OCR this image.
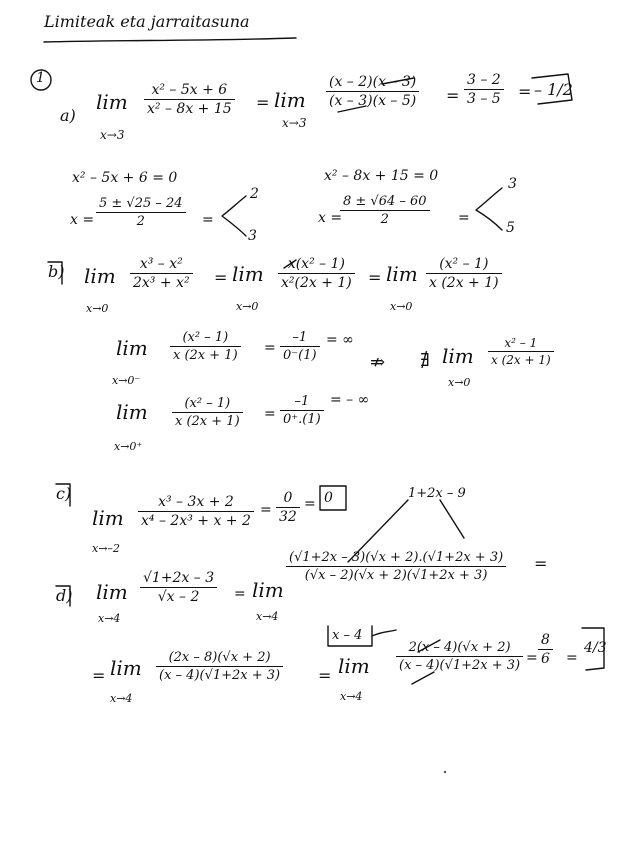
Limiteak eta jarraitasuna
1
a)
lim
x→3
$\frac{\text{x² – 5x + 6}}{\text{x² – 8x + 15}} = \lim$
x→3
$\frac{(x - 2)(x - 3)}{(x - 3)(x - 5)} = \frac{3 - 2}{3 - 5}$ = – 1/2
x² – 5x + 6 = 0
$x = \frac{5 \pm √25 - 24}{2}$ =
2
3
x² – 8x + 15 = 0
x =
$\frac{8 \pm √64 - 60}{2}$ =
3
5
b) lim
x→0
$\frac{\text{x³ – x²}}{\text{2x³ + x²}} = \lim$
x→0
$\frac{\text{x(x² – 1)}}{\text{x²(2x + 1)}} = \lim$
x→0
$\frac{\text{(x² – 1)}}{x (2x + 1)}$
lim
x→0⁻
$\frac{\text{(x² – 1)}}{x (2x + 1)} = \frac{-1}{0^-(1)}$ = ∞
⇏ ∄ lim
x→0
$\frac{\text{x² – 1}}{x (2x + 1)}$
lim
x→0⁺
$\frac{\text{(x² – 1)}}{x (2x + 1)} = \frac{-1}{0^+.(1)}$ = – ∞
c)
lim
x→–2
$\frac{\text{x³ – 3x + 2}}{\text{x⁴ – 2x³ + x + 2}} = \frac{0}{32} = 0$	1+2x – 9
d) lim
x→4
$\frac{√1+2x - 3}{√x - 2} = \lim$
x→4
$\frac{(√1+2x - 3)(√x + 2).(√1+2x + 3)}{(√x - 2)(√x + 2)(√1+2x + 3)}$ =
= lim
x→4
$\frac{(2x - 8)(√x + 2)}{(x - 4)(√1+2x + 3)}$ =
x – 4
lim
x→4
$\frac{2(x - 4)(√x + 2)}{(x - 4)(√1+2x + 3)} = \frac{8}{6}$ =
4/3
